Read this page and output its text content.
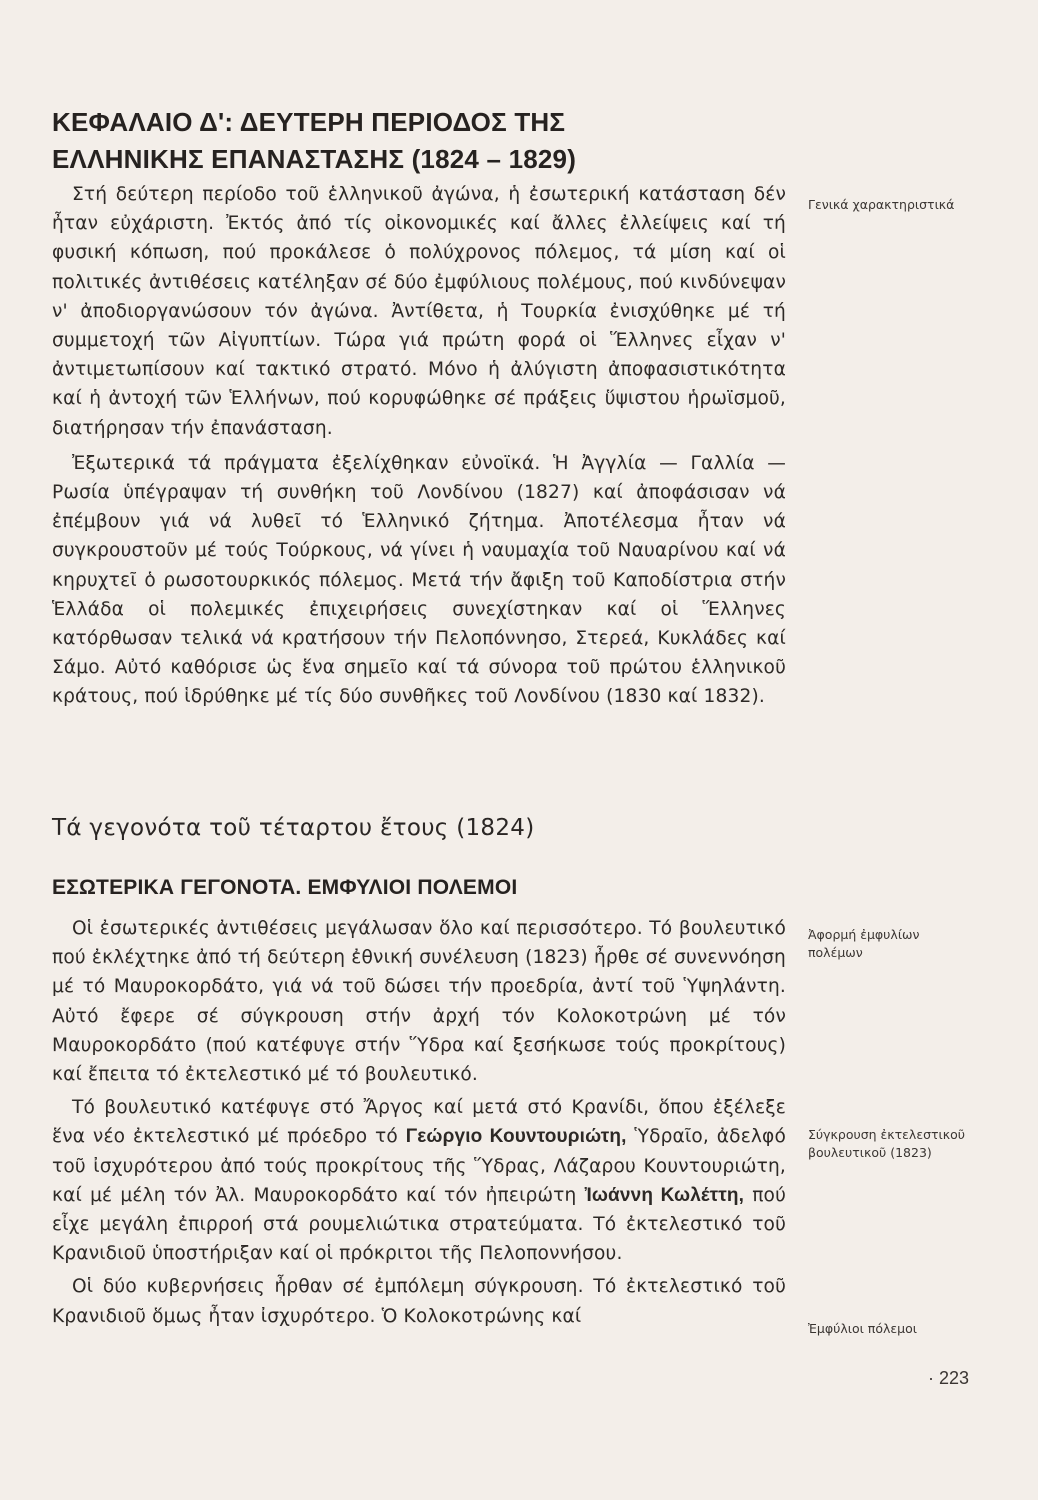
ΚΕΦΑΛΑΙΟ Δ': ΔΕΥΤΕΡΗ ΠΕΡΙΟΔΟΣ ΤΗΣ
ΕΛΛΗΝΙΚΗΣ ΕΠΑΝΑΣΤΑΣΗΣ (1824 – 1829)

Στή δεύτερη περίοδο τοῦ ἑλληνικοῦ ἀγώνα, ἡ ἐσωτερική κατάσταση δέν ἦταν εὐχάριστη. Ἐκτός ἀπό τίς οἰκονομικές καί ἄλλες ἐλλείψεις καί τή φυσική κόπωση, πού προκάλεσε ὁ πολύχρονος πόλεμος, τά μίση καί οἱ πολιτικές ἀντιθέσεις κατέληξαν σέ δύο ἐμφύλιους πολέμους, πού κινδύνεψαν ν' ἀποδιοργανώσουν τόν ἀγώνα. Ἀντίθετα, ἡ Τουρκία ἐνισχύθηκε μέ τή συμμετοχή τῶν Αἰγυπτίων. Τώρα γιά πρώτη φορά οἱ Ἕλληνες εἶχαν ν' ἀντιμετωπίσουν καί τακτικό στρατό. Μόνο ἡ ἀλύγιστη ἀποφασιστικότητα καί ἡ ἀντοχή τῶν Ἑλλήνων, πού κορυφώθηκε σέ πράξεις ὕψιστου ἡρωϊσμοῦ, διατήρησαν τήν ἐπανάσταση.

Ἐξωτερικά τά πράγματα ἐξελίχθηκαν εὐνοϊκά. Ἡ Ἀγγλία — Γαλλία — Ρωσία ὑπέγραψαν τή συνθήκη τοῦ Λονδίνου (1827) καί ἀποφάσισαν νά ἐπέμβουν γιά νά λυθεῖ τό Ἑλληνικό ζήτημα. Ἀποτέλεσμα ἦταν νά συγκρουστοῦν μέ τούς Τούρκους, νά γίνει ἡ ναυμαχία τοῦ Ναυαρίνου καί νά κηρυχτεῖ ὁ ρωσοτουρκικός πόλεμος. Μετά τήν ἄφιξη τοῦ Καποδίστρια στήν Ἑλλάδα οἱ πολεμικές ἐπιχειρήσεις συνεχίστηκαν καί οἱ Ἕλληνες κατόρθωσαν τελικά νά κρατήσουν τήν Πελοπόννησο, Στερεά, Κυκλάδες καί Σάμο. Αὐτό καθόρισε ὡς ἕνα σημεῖο καί τά σύνορα τοῦ πρώτου ἑλληνικοῦ κράτους, πού ἱδρύθηκε μέ τίς δύο συνθῆκες τοῦ Λονδίνου (1830 καί 1832).

Τά γεγονότα τοῦ τέταρτου ἔτους (1824)
ΕΣΩΤΕΡΙΚΑ ΓΕΓΟΝΟΤΑ. ΕΜΦΥΛΙΟΙ ΠΟΛΕΜΟΙ

Οἱ ἐσωτερικές ἀντιθέσεις μεγάλωσαν ὅλο καί περισσότερο. Τό βουλευτικό πού ἐκλέχτηκε ἀπό τή δεύτερη ἐθνική συνέλευση (1823) ἦρθε σέ συνεννόηση μέ τό Μαυροκορδάτο, γιά νά τοῦ δώσει τήν προεδρία, ἀντί τοῦ Ὑψηλάντη. Αὐτό ἔφερε σέ σύγκρουση στήν ἀρχή τόν Κολοκοτρώνη μέ τόν Μαυροκορδάτο (πού κατέφυγε στήν Ὕδρα καί ξεσήκωσε τούς προκρίτους) καί ἔπειτα τό ἐκτελεστικό μέ τό βουλευτικό.

Τό βουλευτικό κατέφυγε στό Ἄργος καί μετά στό Κρανίδι, ὅπου ἐξέλεξε ἕνα νέο ἐκτελεστικό μέ πρόεδρο τό Γεώργιο Κουντουριώτη, Ὑδραῖο, ἀδελφό τοῦ ἰσχυρότερου ἀπό τούς προκρίτους τῆς Ὕδρας, Λάζαρου Κουντουριώτη, καί μέ μέλη τόν Ἀλ. Μαυροκορδάτο καί τόν ἠπειρώτη Ἰωάννη Κωλέττη, πού εἶχε μεγάλη ἐπιρροή στά ρουμελιώτικα στρατεύματα. Τό ἐκτελεστικό τοῦ Κρανιδιοῦ ὑποστήριξαν καί οἱ πρόκριτοι τῆς Πελοποννήσου.

Οἱ δύο κυβερνήσεις ἦρθαν σέ ἐμπόλεμη σύγκρουση. Τό ἐκτελεστικό τοῦ Κρανιδιοῦ ὅμως ἦταν ἰσχυρότερο. Ὁ Κολοκοτρώνης καί

Γενικά χαρακτηριστικά

Ἀφορμή ἐμφυλίων πολέμων

Σύγκρουση ἐκτελεστικοῦ βουλευτικοῦ (1823)

Ἐμφύλιοι πόλεμοι

· 223
